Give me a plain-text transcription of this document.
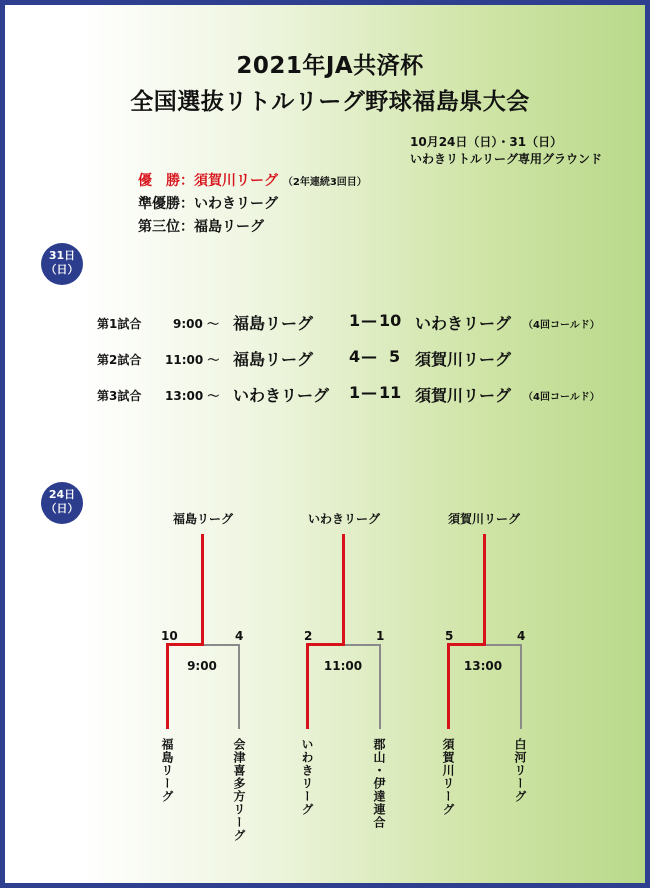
2021年JA共済杯
全国選抜リトルリーグ野球福島県大会
10月24日（日）・31（日）
いわきリトルリーグ専用グラウンド
優　勝：須賀川リーグ （2年連続3回目）
準優勝：いわきリーグ
第三位：福島リーグ
31日
（日）
第1試合	9:00 〜 福島リーグ 1 — 10 いわきリーグ （4回コールド）
第2試合 11:00 〜 福島リーグ 4 — 5 須賀川リーグ
第3試合 13:00 〜 いわきリーグ 1 — 11 須賀川リーグ （4回コールド）
24日
（日）
福島リーグ
10	4
9:00
福島リーグ	会津喜多方リーグ
いわきリーグ
2	1
11:00
いわきリーグ	郡山・伊達連合
須賀川リーグ
5	4
13:00
須賀川リーグ	白河リーグ
